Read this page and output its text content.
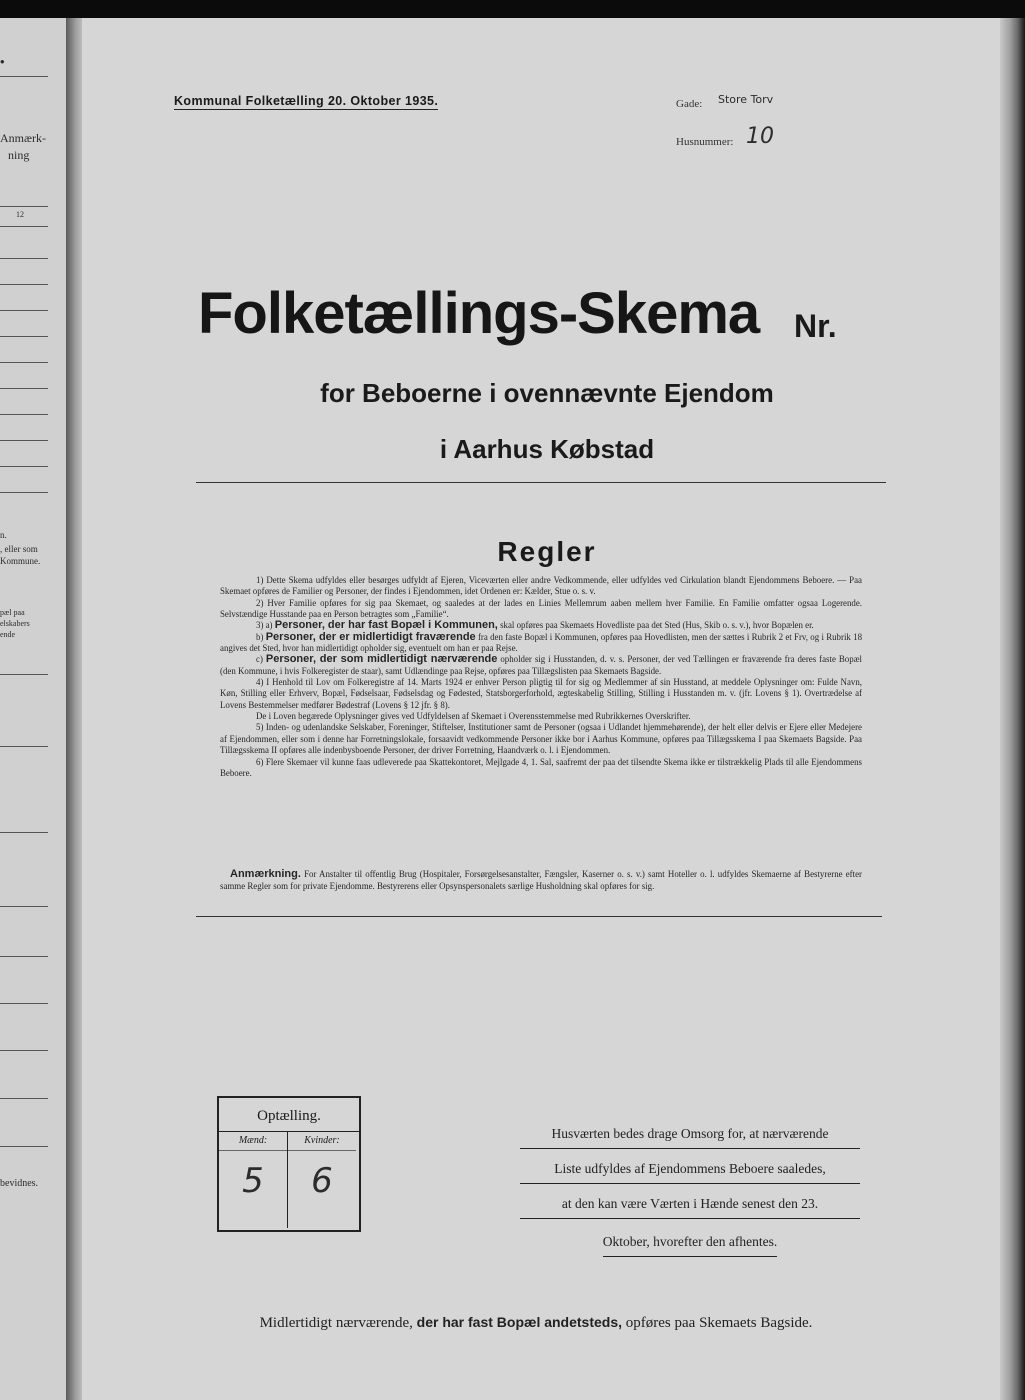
•
Anmærk-
ning
12
n.
, eller som
Kommune.
pæl paa
elskabers
ende
bevidnes.
Kommunal Folketælling 20. Oktober 1935.	Gade: Store Torv
Husnummer: 10
Folketællings-Skema Nr.
for Beboerne i ovennævnte Ejendom
i Aarhus Købstad
Regler

1) Dette Skema udfyldes eller besørges udfyldt af Ejeren, Viceværten eller andre Vedkommende, eller udfyldes ved Cirkulation blandt Ejendommens Beboere. — Paa Skemaet opføres de Familier og Personer, der findes i Ejendommen, idet Ordenen er: Kælder, Stue o. s. v.

2) Hver Familie opføres for sig paa Skemaet, og saaledes at der lades en Linies Mellemrum aaben mellem hver Familie. En Familie omfatter ogsaa Logerende. Selvstændige Husstande paa en Person betragtes som „Familie“.

3) a) Personer, der har fast Bopæl i Kommunen, skal opføres paa Skemaets Hovedliste paa det Sted (Hus, Skib o. s. v.), hvor Bopælen er.

b) Personer, der er midlertidigt fraværende fra den faste Bopæl i Kommunen, opføres paa Hovedlisten, men der sættes i Rubrik 2 et Frv, og i Rubrik 18 angives det Sted, hvor han midlertidigt opholder sig, eventuelt om han er paa Rejse.

c) Personer, der som midlertidigt nærværende opholder sig i Husstanden, d. v. s. Personer, der ved Tællingen er fraværende fra deres faste Bopæl (den Kommune, i hvis Folkeregister de staar), samt Udlændinge paa Rejse, opføres paa Tillægslisten paa Skemaets Bagside.

4) I Henhold til Lov om Folkeregistre af 14. Marts 1924 er enhver Person pligtig til for sig og Medlemmer af sin Husstand, at meddele Oplysninger om: Fulde Navn, Køn, Stilling eller Erhverv, Bopæl, Fødselsaar, Fødselsdag og Fødested, Statsborgerforhold, ægteskabelig Stilling, Stilling i Husstanden m. v. (jfr. Lovens § 1). Overtrædelse af Lovens Bestemmelser medfører Bødestraf (Lovens § 12 jfr. § 8).

De i Loven begærede Oplysninger gives ved Udfyldelsen af Skemaet i Overensstemmelse med Rubrikkernes Overskrifter.

5) Inden- og udenlandske Selskaber, Foreninger, Stiftelser, Institutioner samt de Personer (ogsaa i Udlandet hjemmehørende), der helt eller delvis er Ejere eller Medejere af Ejendommen, eller som i denne har Forretningslokale, forsaavidt vedkommende Personer ikke bor i Aarhus Kommune, opføres paa Tillægsskema I paa Skemaets Bagside. Paa Tillægsskema II opføres alle indenbysboende Personer, der driver Forretning, Haandværk o. l. i Ejendommen.

6) Flere Skemaer vil kunne faas udleverede paa Skattekontoret, Mejlgade 4, 1. Sal, saafremt der paa det tilsendte Skema ikke er tilstrækkelig Plads til alle Ejendommens Beboere.

Anmærkning. For Anstalter til offentlig Brug (Hospitaler, Forsørgelsesanstalter, Fængsler, Kaserner o. s. v.) samt Hoteller o. l. udfyldes Skemaerne af Bestyrerne efter samme Regler som for private Ejendomme. Bestyrerens eller Opsynspersonalets særlige Husholdning skal opføres for sig.

Optælling.
Mænd:
5
Kvinder:
6
Husværten bedes drage Omsorg for, at nærværende
Liste udfyldes af Ejendommens Beboere saaledes,
at den kan være Værten i Hænde senest den 23.
Oktober, hvorefter den afhentes.
Midlertidigt nærværende, der har fast Bopæl andetsteds, opføres paa Skemaets Bagside.
